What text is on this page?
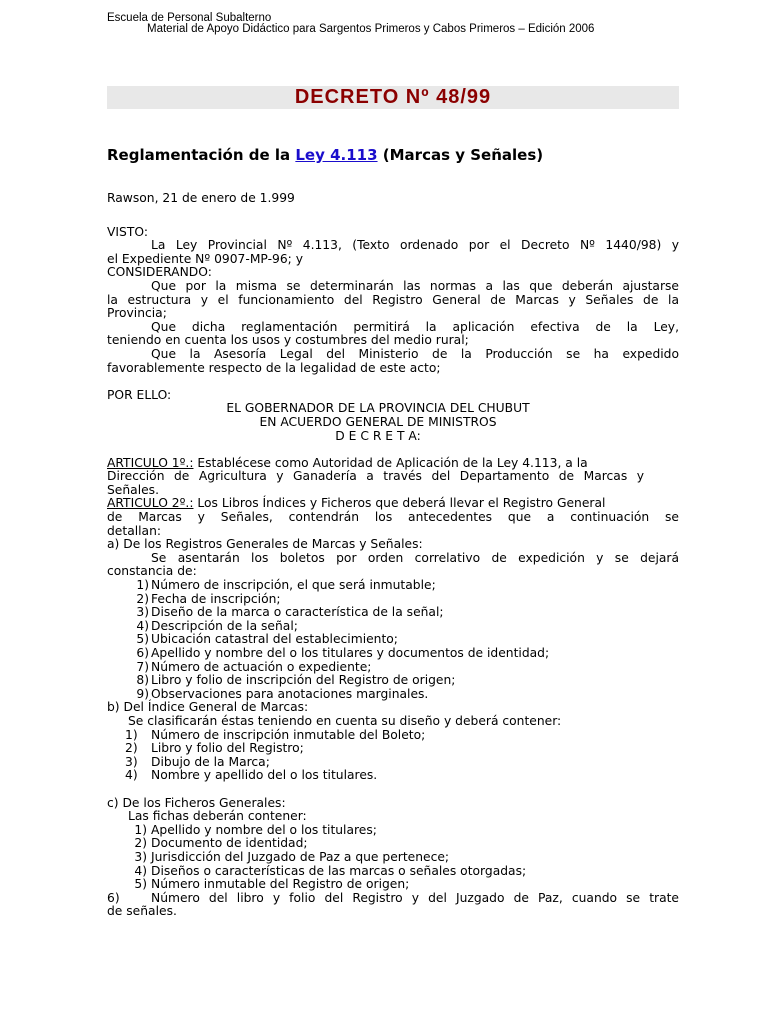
Escuela de Personal Subalterno
Material de Apoyo Didáctico para Sargentos Primeros y Cabos Primeros – Edición 2006
DECRETO Nº 48/99
Reglamentación de la Ley 4.113 (Marcas y Señales)
Rawson, 21 de enero de 1.999
VISTO:
La Ley Provincial Nº 4.113, (Texto ordenado por el Decreto Nº 1440/98) y
el Expediente Nº 0907-MP-96; y
CONSIDERANDO:
Que por la misma se determinarán las normas a las que deberán ajustarse
la estructura y el funcionamiento del Registro General de Marcas y Señales de la
Provincia;
Que dicha reglamentación permitirá la aplicación efectiva de la Ley,
teniendo en cuenta los usos y costumbres del medio rural;
Que la Asesoría Legal del Ministerio de la Producción se ha expedido
favorablemente respecto de la legalidad de este acto;
POR ELLO:
EL GOBERNADOR DE LA PROVINCIA DEL CHUBUT
EN ACUERDO GENERAL DE MINISTROS
D E C R E T A:
ARTICULO 1º.: Establécese como Autoridad de Aplicación de la Ley 4.113, a la
Dirección de Agricultura y Ganadería a través del Departamento de Marcas y
Señales.
ARTICULO 2º.: Los Libros Índices y Ficheros que deberá llevar el Registro General
de Marcas y Señales, contendrán los antecedentes que a continuación se
detallan:
a) De los Registros Generales de Marcas y Señales:
Se asentarán los boletos por orden correlativo de expedición y se dejará
constancia de:
1) Número de inscripción, el que será inmutable;
2) Fecha de inscripción;
3) Diseño de la marca o característica de la señal;
4) Descripción de la señal;
5) Ubicación catastral del establecimiento;
6) Apellido y nombre del o los titulares y documentos de identidad;
7) Número de actuación o expediente;
8) Libro y folio de inscripción del Registro de origen;
9) Observaciones para anotaciones marginales.
b) Del Índice General de Marcas:
Se clasificarán éstas teniendo en cuenta su diseño y deberá contener:
1) Número de inscripción inmutable del Boleto;
2) Libro y folio del Registro;
3) Dibujo de la Marca;
4) Nombre y apellido del o los titulares.
c) De los Ficheros Generales:
Las fichas deberán contener:
1) Apellido y nombre del o los titulares;
2) Documento de identidad;
3) Jurisdicción del Juzgado de Paz a que pertenece;
4) Diseños o características de las marcas o señales otorgadas;
5) Número inmutable del Registro de origen;
6)	Número del libro y folio del Registro y del Juzgado de Paz, cuando se trate
de señales.
